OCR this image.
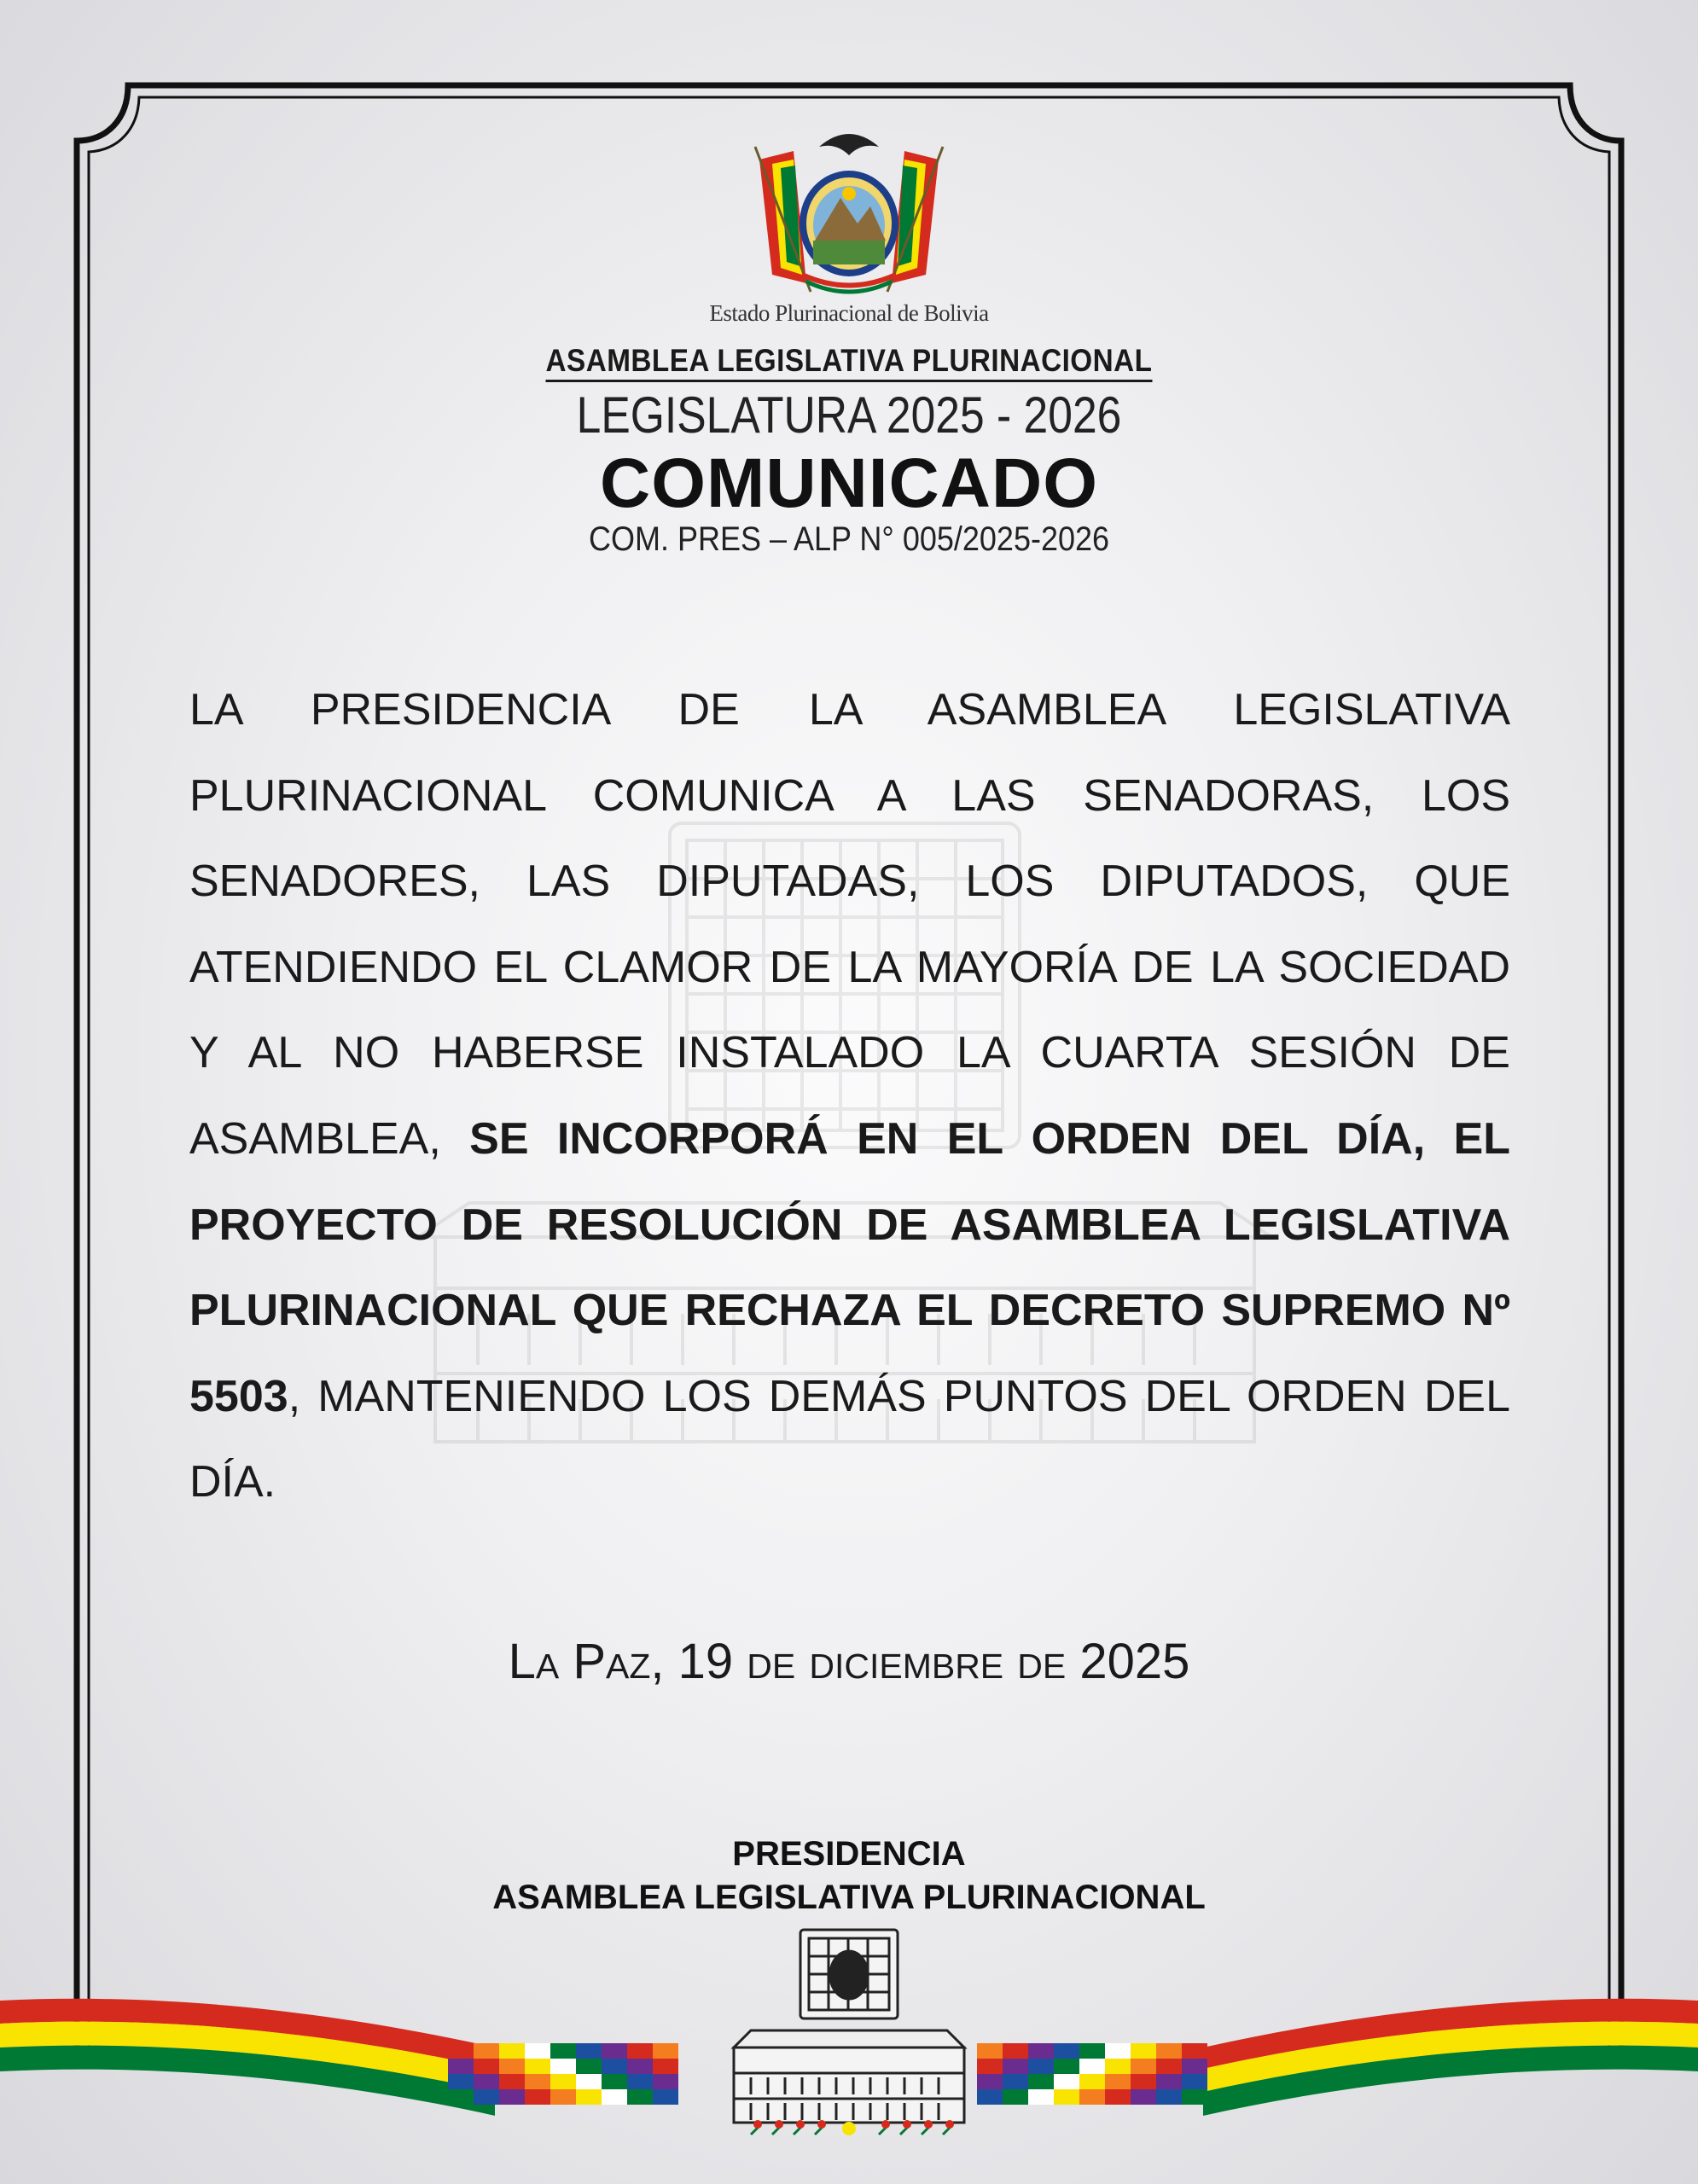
Estado Plurinacional de Bolivia
ASAMBLEA LEGISLATIVA PLURINACIONAL
LEGISLATURA 2025 - 2026
COMUNICADO
COM. PRES – ALP N° 005/2025-2026
LA PRESIDENCIA DE LA ASAMBLEA LEGISLATIVA PLURINACIONAL COMUNICA A LAS SENADORAS, LOS SENADORES, LAS DIPUTADAS, LOS DIPUTADOS, QUE ATENDIENDO EL CLAMOR DE LA MAYORÍA DE LA SOCIEDAD Y AL NO HABERSE INSTALADO LA CUARTA SESIÓN DE ASAMBLEA, SE INCORPORÁ EN EL ORDEN DEL DÍA, EL PROYECTO DE RESOLUCIÓN DE ASAMBLEA LEGISLATIVA PLURINACIONAL QUE RECHAZA EL DECRETO SUPREMO Nº 5503, MANTENIENDO LOS DEMÁS PUNTOS DEL ORDEN DEL DÍA.
La Paz, 19 de diciembre de 2025
PRESIDENCIA
ASAMBLEA LEGISLATIVA PLURINACIONAL
